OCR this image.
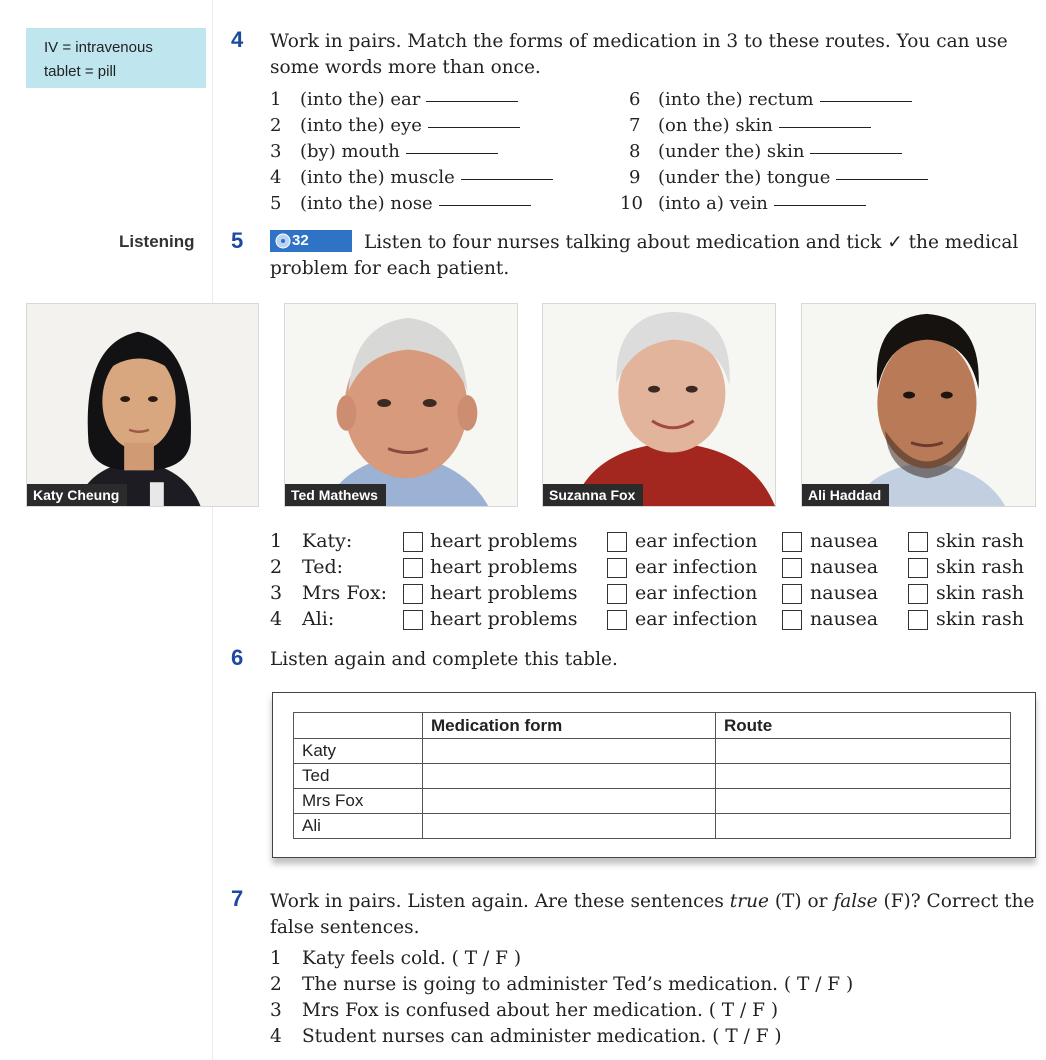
IV = intravenous
tablet = pill
4 Work in pairs. Match the forms of medication in 3 to these routes. You can use
some words more than once.
1 (into the) ear
2 (into the) eye
3 (by) mouth
4 (into the) muscle
5 (into the) nose
6 (into the) rectum
7 (on the) skin
8 (under the) skin
9 (under the) tongue
10 (into a) vein
Listening 5	32	Listen to four nurses talking about medication and tick ✓ the medical
problem for each patient.
Katy Cheung	Ted Mathews	Suzanna Fox	Ali Haddad
1 Katy:	heart problems	ear infection	nausea	skin rash
2 Ted:	heart problems	ear infection	nausea	skin rash
3 Mrs Fox: heart problems	ear infection	nausea	skin rash
4 Ali:	heart problems	ear infection	nausea	skin rash
6 Listen again and complete this table.
	Medication form	Route
Katy		
Ted		
Mrs Fox		
Ali		
7 Work in pairs. Listen again. Are these sentences true (T) or false (F)? Correct the
false sentences.
1 Katy feels cold. ( T / F )
2 The nurse is going to administer Ted’s medication. ( T / F )
3 Mrs Fox is confused about her medication. ( T / F )
4 Student nurses can administer medication. ( T / F )
